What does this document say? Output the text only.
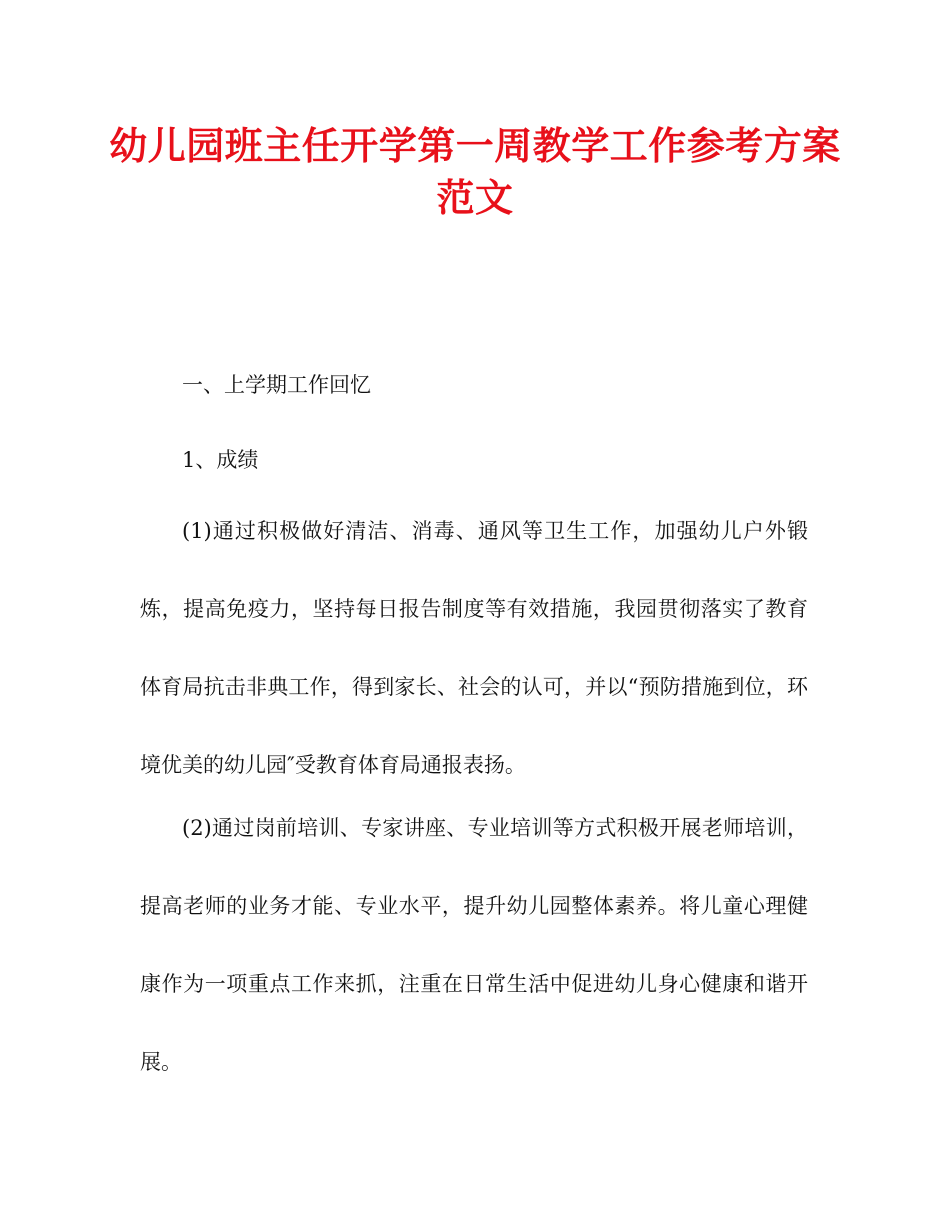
幼儿园班主任开学第一周教学工作参考方案范文

一、上学期工作回忆

1、成绩

(1)通过积极做好清洁、消毒、通风等卫生工作，加强幼儿户外锻炼，提高免疫力，坚持每日报告制度等有效措施，我园贯彻落实了教育体育局抗击非典工作，得到家长、社会的认可，并以“预防措施到位，环境优美的幼儿园″受教育体育局通报表扬。

(2)通过岗前培训、专家讲座、专业培训等方式积极开展老师培训，提高老师的业务才能、专业水平，提升幼儿园整体素养。将儿童心理健康作为一项重点工作来抓，注重在日常生活中促进幼儿身心健康和谐开展。
